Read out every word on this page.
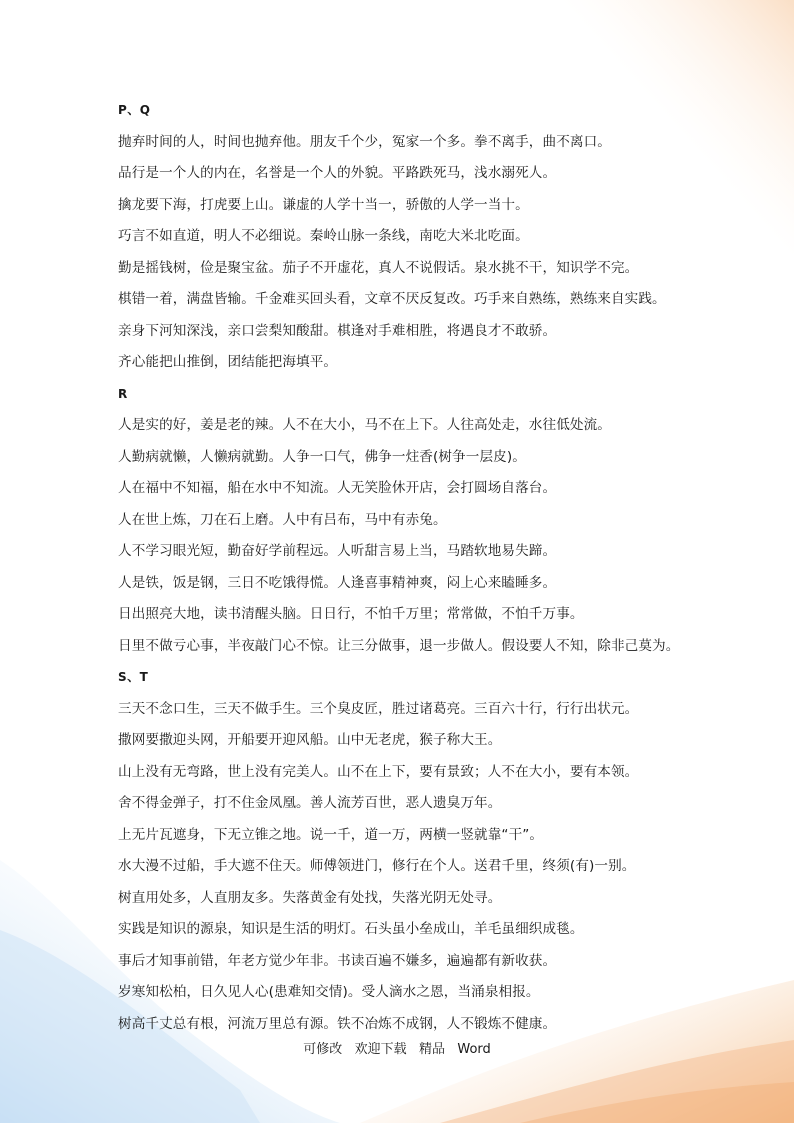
P、Q
抛弃时间的人，时间也抛弃他。朋友千个少，冤家一个多。拳不离手，曲不离口。
品行是一个人的内在，名誉是一个人的外貌。平路跌死马，浅水溺死人。
擒龙要下海，打虎要上山。谦虚的人学十当一，骄傲的人学一当十。
巧言不如直道，明人不必细说。秦岭山脉一条线，南吃大米北吃面。
勤是摇钱树，俭是聚宝盆。茄子不开虚花，真人不说假话。泉水挑不干，知识学不完。
棋错一着，满盘皆输。千金难买回头看，文章不厌反复改。巧手来自熟练，熟练来自实践。
亲身下河知深浅，亲口尝梨知酸甜。棋逢对手难相胜，将遇良才不敢骄。
齐心能把山推倒，团结能把海填平。
R
人是实的好，姜是老的辣。人不在大小，马不在上下。人往高处走，水往低处流。
人勤病就懒，人懒病就勤。人争一口气，佛争一炷香(树争一层皮)。
人在福中不知福，船在水中不知流。人无笑脸休开店，会打圆场自落台。
人在世上炼，刀在石上磨。人中有吕布，马中有赤兔。
人不学习眼光短，勤奋好学前程远。人听甜言易上当，马踏软地易失蹄。
人是铁，饭是钢，三日不吃饿得慌。人逢喜事精神爽，闷上心来瞌睡多。
日出照亮大地，读书清醒头脑。日日行，不怕千万里；常常做，不怕千万事。
日里不做亏心事，半夜敲门心不惊。让三分做事，退一步做人。假设要人不知，除非己莫为。
S、T
三天不念口生，三天不做手生。三个臭皮匠，胜过诸葛亮。三百六十行，行行出状元。
撒网要撒迎头网，开船要开迎风船。山中无老虎，猴子称大王。
山上没有无弯路，世上没有完美人。山不在上下，要有景致；人不在大小，要有本领。
舍不得金弹子，打不住金凤凰。善人流芳百世，恶人遗臭万年。
上无片瓦遮身，下无立锥之地。说一千，道一万，两横一竖就靠“干”。
水大漫不过船，手大遮不住天。师傅领进门，修行在个人。送君千里，终须(有)一别。
树直用处多，人直朋友多。失落黄金有处找，失落光阴无处寻。
实践是知识的源泉，知识是生活的明灯。石头虽小垒成山，羊毛虽细织成毯。
事后才知事前错，年老方觉少年非。书读百遍不嫌多，遍遍都有新收获。
岁寒知松柏，日久见人心(患难知交情)。受人滴水之恩，当涌泉相报。
树高千丈总有根，河流万里总有源。铁不冶炼不成钢，人不锻炼不健康。
可修改   欢迎下载   精品   Word
